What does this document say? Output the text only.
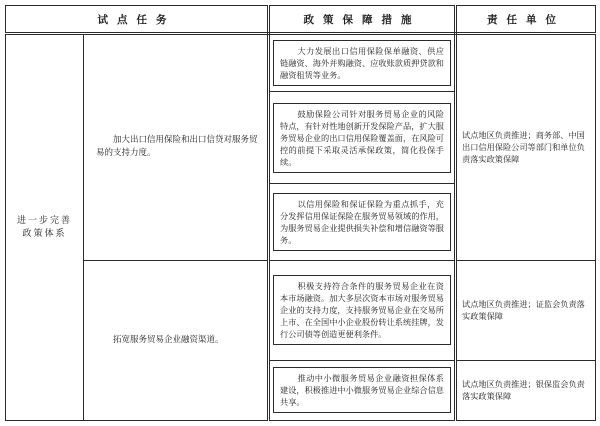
试点任务		政策保障措施	责任单位

进一步完善
政策体系	加大出口信用保险和出口信贷对服务贸易的支持力度。	大力发展出口信用保险保单融资、供应链融资、海外并购融资、应收账款质押贷款和融资租赁等业务。	试点地区负责推进；商务部、中国出口信用保险公司等部门和单位负责落实政策保障

		鼓励保险公司针对服务贸易企业的风险特点，有针对性地创新开发保险产品，扩大服务贸易企业的出口信用保险覆盖面，在风险可控的前提下采取灵活承保政策，简化投保手续。	

		以信用保险和保证保险为重点抓手，充分发挥信用保证保险在服务贸易领域的作用，为服务贸易企业提供损失补偿和增信融资等服务。	

	拓宽服务贸易企业融资渠道。	积极支持符合条件的服务贸易企业在资本市场融资。加大多层次资本市场对服务贸易企业的支持力度，支持服务贸易企业在交易所上市、在全国中小企业股份转让系统挂牌，发行公司债等创造更便利条件。	试点地区负责推进；证监会负责落实政策保障

		推动中小微服务贸易企业融资担保体系建设，积极推进中小微服务贸易企业综合信息共享。	试点地区负责推进；银保监会负责落实政策保障
